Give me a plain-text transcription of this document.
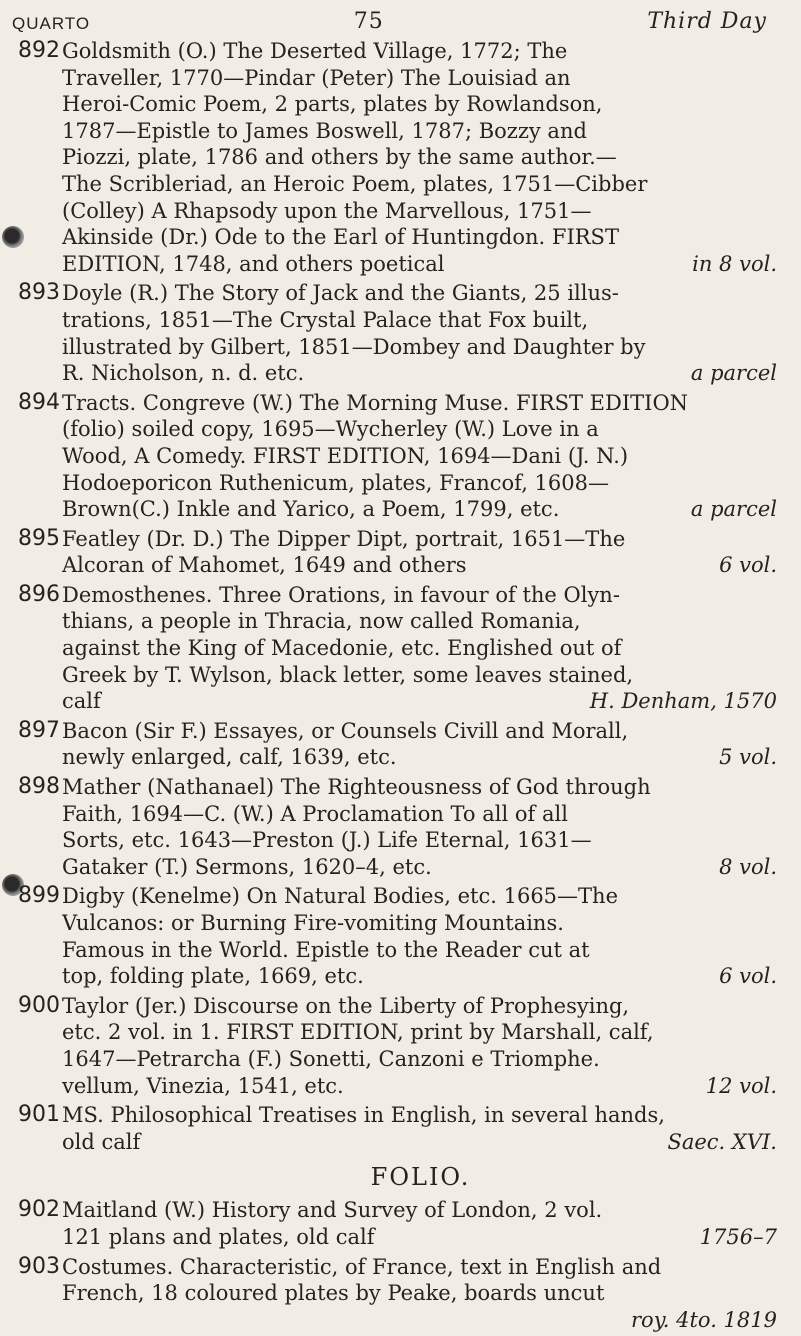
QUARTO	75	Third Day
892 Goldsmith (O.) The Deserted Village, 1772; The
Traveller, 1770—Pindar (Peter) The Louisiad an
Heroi-Comic Poem, 2 parts, plates by Rowlandson,
1787—Epistle to James Boswell, 1787; Bozzy and
Piozzi, plate, 1786 and others by the same author.—
The Scribleriad, an Heroic Poem, plates, 1751—Cibber
(Colley) A Rhapsody upon the Marvellous, 1751—
Akinside (Dr.) Ode to the Earl of Huntingdon. FIRST
EDITION, 1748, and others poetical	in 8 vol.
893 Doyle (R.) The Story of Jack and the Giants, 25 illus-
trations, 1851—The Crystal Palace that Fox built,
illustrated by Gilbert, 1851—Dombey and Daughter by
R. Nicholson, n. d. etc.	a parcel
894 Tracts. Congreve (W.) The Morning Muse. FIRST EDITION
(folio) soiled copy, 1695—Wycherley (W.) Love in a
Wood, A Comedy. FIRST EDITION, 1694—Dani (J. N.)
Hodoeporicon Ruthenicum, plates, Francof, 1608—
Brown(C.) Inkle and Yarico, a Poem, 1799, etc.	a parcel
895 Featley (Dr. D.) The Dipper Dipt, portrait, 1651—The
Alcoran of Mahomet, 1649 and others	6 vol.
896 Demosthenes. Three Orations, in favour of the Olyn-
thians, a people in Thracia, now called Romania,
against the King of Macedonie, etc. Englished out of
Greek by T. Wylson, black letter, some leaves stained,
calf	H. Denham, 1570
897 Bacon (Sir F.) Essayes, or Counsels Civill and Morall,
newly enlarged, calf, 1639, etc.	5 vol.
898 Mather (Nathanael) The Righteousness of God through
Faith, 1694—C. (W.) A Proclamation To all of all
Sorts, etc. 1643—Preston (J.) Life Eternal, 1631—
Gataker (T.) Sermons, 1620–4, etc.	8 vol.
899 Digby (Kenelme) On Natural Bodies, etc. 1665—The
Vulcanos: or Burning Fire-vomiting Mountains.
Famous in the World. Epistle to the Reader cut at
top, folding plate, 1669, etc.	6 vol.
900 Taylor (Jer.) Discourse on the Liberty of Prophesying,
etc. 2 vol. in 1. FIRST EDITION, print by Marshall, calf,
1647—Petrarcha (F.) Sonetti, Canzoni e Triomphe.
vellum, Vinezia, 1541, etc.	12 vol.
901 MS. Philosophical Treatises in English, in several hands,
old calf	Saec. XVI.
FOLIO.
902 Maitland (W.) History and Survey of London, 2 vol.
121 plans and plates, old calf	1756–7
903 Costumes. Characteristic, of France, text in English and
French, 18 coloured plates by Peake, boards uncut
roy. 4to. 1819
